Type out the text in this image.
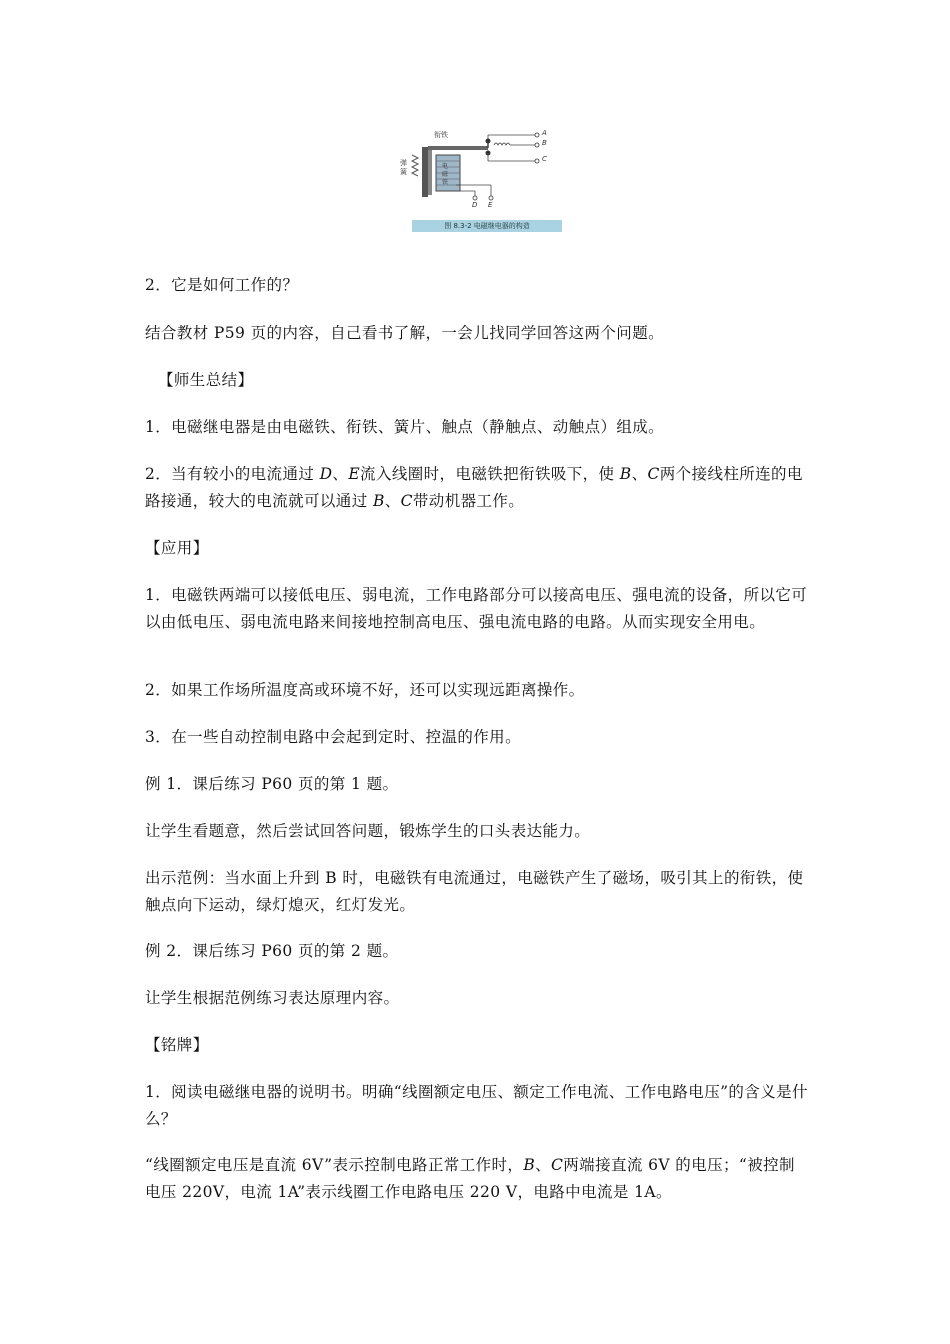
衔铁
弹簧
电磁铁
A
B
C
D E
图 8.3-2 电磁继电器的构造
2．它是如何工作的？
结合教材 P59 页的内容，自己看书了解，一会儿找同学回答这两个问题。
【师生总结】
1．电磁继电器是由电磁铁、衔铁、簧片、触点（静触点、动触点）组成。
2．当有较小的电流通过 D、E流入线圈时，电磁铁把衔铁吸下，使 B、C两个接线柱所连的电路接通，较大的电流就可以通过 B、C带动机器工作。
【应用】
1．电磁铁两端可以接低电压、弱电流，工作电路部分可以接高电压、强电流的设备，所以它可以由低电压、弱电流电路来间接地控制高电压、强电流电路的电路。从而实现安全用电。
2．如果工作场所温度高或环境不好，还可以实现远距离操作。
3．在一些自动控制电路中会起到定时、控温的作用。
例 1．课后练习 P60 页的第 1 题。
让学生看题意，然后尝试回答问题，锻炼学生的口头表达能力。
出示范例：当水面上升到 B 时，电磁铁有电流通过，电磁铁产生了磁场，吸引其上的衔铁，使触点向下运动，绿灯熄灭，红灯发光。
例 2．课后练习 P60 页的第 2 题。
让学生根据范例练习表达原理内容。
【铭牌】
1．阅读电磁继电器的说明书。明确“线圈额定电压、额定工作电流、工作电路电压”的含义是什么？
“线圈额定电压是直流 6V”表示控制电路正常工作时，B、C两端接直流 6V 的电压；“被控制电压 220V，电流 1A”表示线圈工作电路电压 220 V，电路中电流是 1A。
